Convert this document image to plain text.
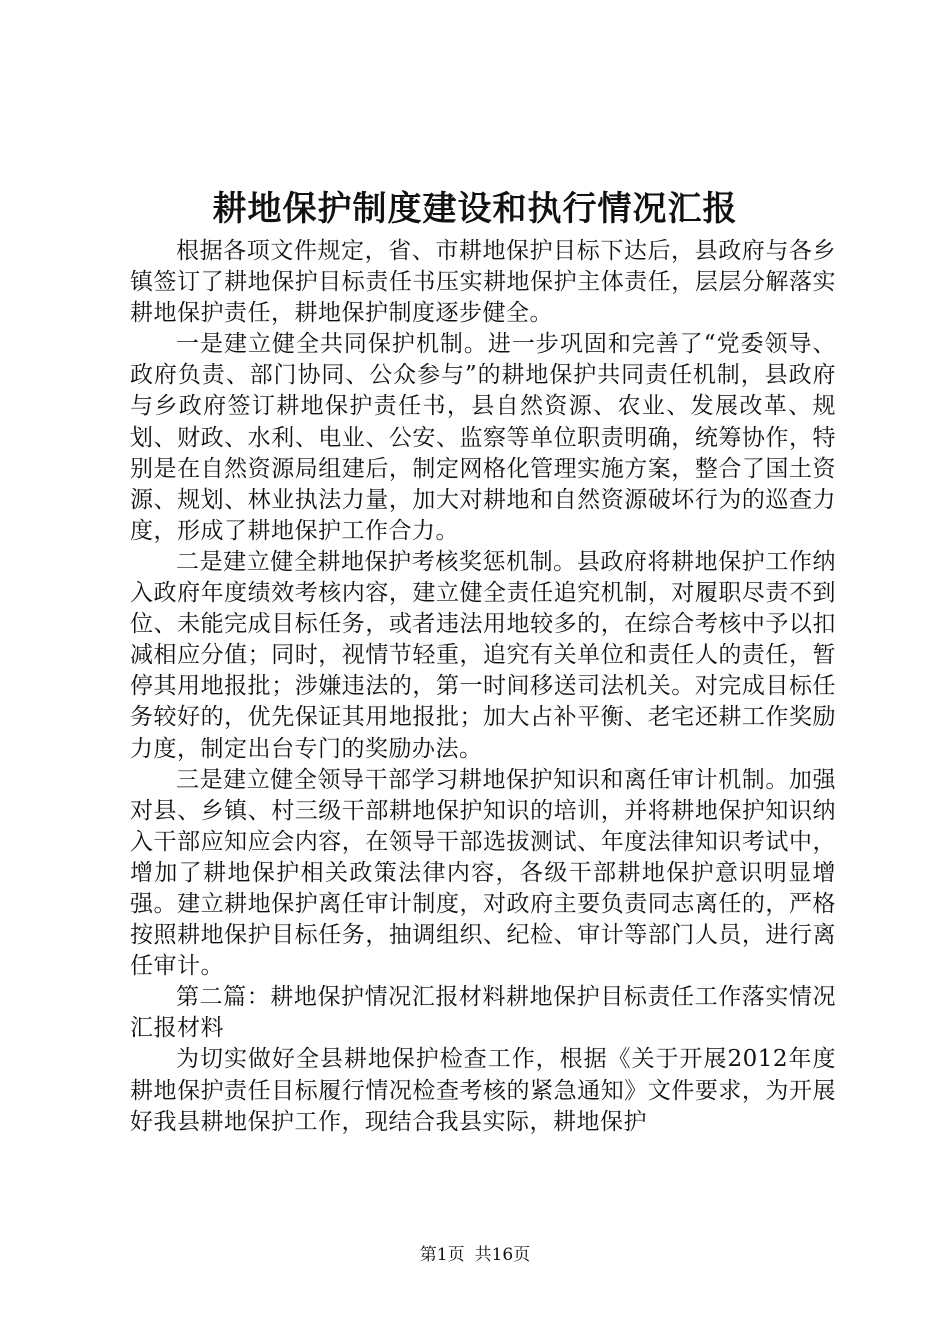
耕地保护制度建设和执行情况汇报

根据各项文件规定，省、市耕地保护目标下达后，县政府与各乡镇签订了耕地保护目标责任书压实耕地保护主体责任，层层分解落实耕地保护责任，耕地保护制度逐步健全。

一是建立健全共同保护机制。进一步巩固和完善了“党委领导、政府负责、部门协同、公众参与”的耕地保护共同责任机制，县政府与乡政府签订耕地保护责任书，县自然资源、农业、发展改革、规划、财政、水利、电业、公安、监察等单位职责明确，统筹协作，特别是在自然资源局组建后，制定网格化管理实施方案，整合了国土资源、规划、林业执法力量，加大对耕地和自然资源破坏行为的巡查力度，形成了耕地保护工作合力。

二是建立健全耕地保护考核奖惩机制。县政府将耕地保护工作纳入政府年度绩效考核内容，建立健全责任追究机制，对履职尽责不到位、未能完成目标任务，或者违法用地较多的，在综合考核中予以扣减相应分值；同时，视情节轻重，追究有关单位和责任人的责任，暂停其用地报批；涉嫌违法的，第一时间移送司法机关。对完成目标任务较好的，优先保证其用地报批；加大占补平衡、老宅还耕工作奖励力度，制定出台专门的奖励办法。

三是建立健全领导干部学习耕地保护知识和离任审计机制。加强对县、乡镇、村三级干部耕地保护知识的培训，并将耕地保护知识纳入干部应知应会内容，在领导干部选拔测试、年度法律知识考试中，增加了耕地保护相关政策法律内容，各级干部耕地保护意识明显增强。建立耕地保护离任审计制度，对政府主要负责同志离任的，严格按照耕地保护目标任务，抽调组织、纪检、审计等部门人员，进行离任审计。

第二篇：耕地保护情况汇报材料耕地保护目标责任工作落实情况汇报材料

为切实做好全县耕地保护检查工作，根据《关于开展2012年度耕地保护责任目标履行情况检查考核的紧急通知》文件要求，为开展好我县耕地保护工作，现结合我县实际，耕地保护

第1页 共16页
